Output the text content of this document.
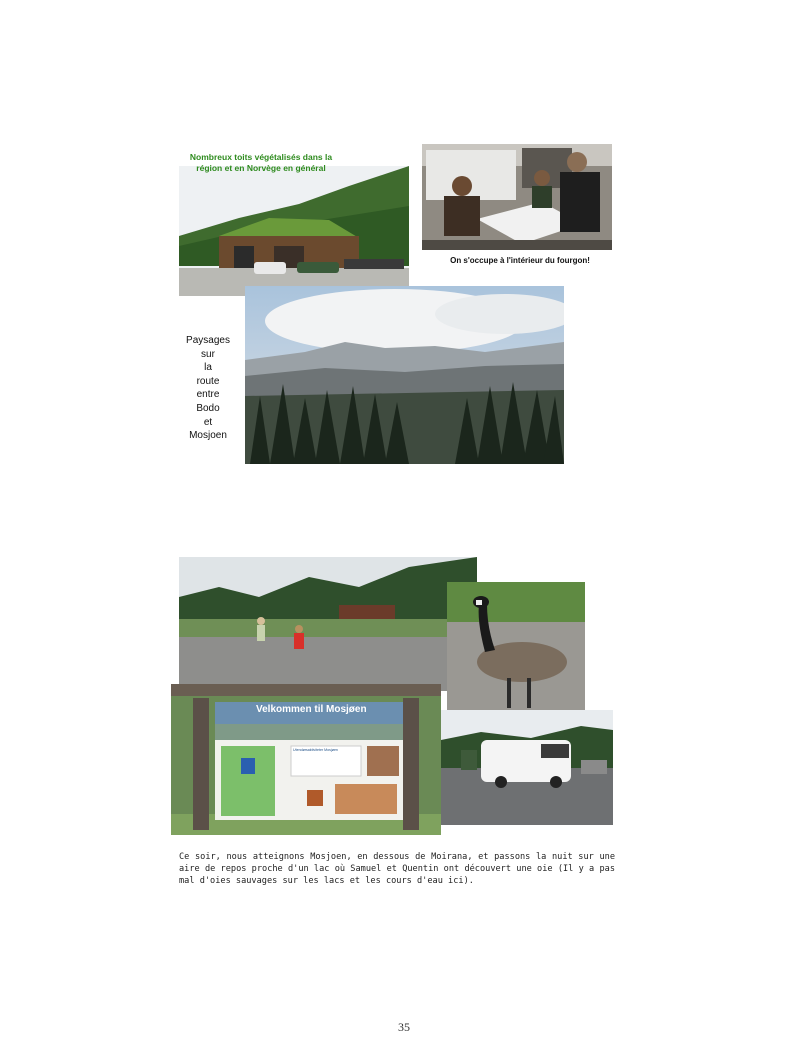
Nombreux toits végétalisés dans la région et en Norvège en général
On s'occupe à l'intérieur du fourgon!
Paysages
sur
la
route
entre
Bodo
et
Mosjoen
Velkommen til Mosjøen
Utendørsaktiviteter Mosjøen
Ce soir, nous atteignons Mosjoen, en dessous de Moirana, et passons la nuit sur une aire de repos proche d'un lac où Samuel et Quentin ont découvert une oie (Il y a pas mal d'oies sauvages sur les lacs et les cours d'eau ici).
35
